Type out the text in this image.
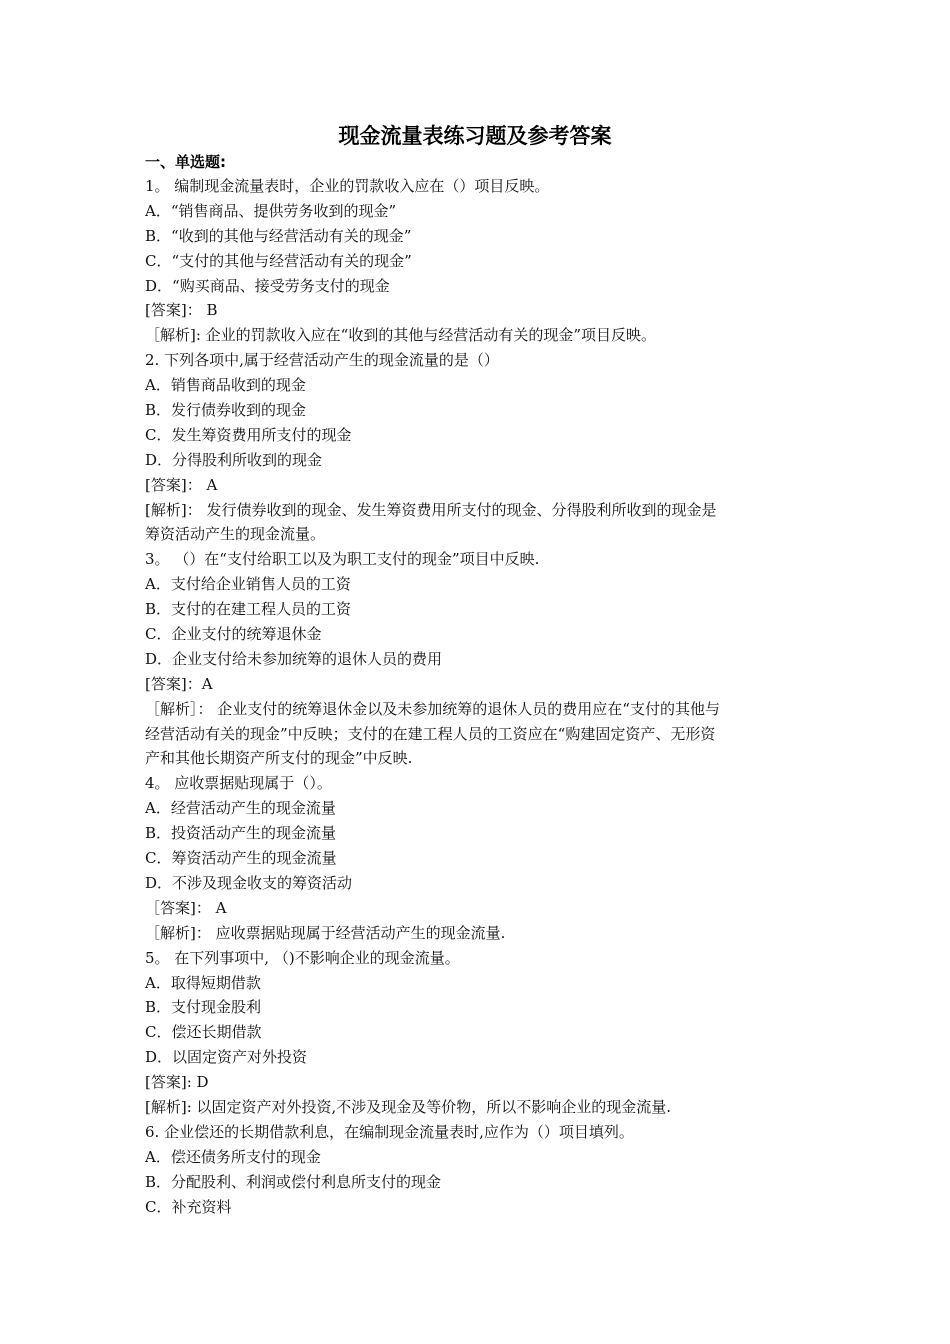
现金流量表练习题及参考答案
一、单选题:
1。 编制现金流量表时，企业的罚款收入应在（）项目反映。
A．“销售商品、提供劳务收到的现金”
B．“收到的其他与经营活动有关的现金”
C．“支付的其他与经营活动有关的现金”
D．“购买商品、接受劳务支付的现金
[答案]： B
［解析]: 企业的罚款收入应在“收到的其他与经营活动有关的现金”项目反映。
2. 下列各项中,属于经营活动产生的现金流量的是（）
A．销售商品收到的现金
B．发行债券收到的现金
C．发生筹资费用所支付的现金
D．分得股利所收到的现金
[答案]： A
[解析]： 发行债券收到的现金、发生筹资费用所支付的现金、分得股利所收到的现金是
筹资活动产生的现金流量。
3。 （）在“支付给职工以及为职工支付的现金”项目中反映.
A．支付给企业销售人员的工资
B．支付的在建工程人员的工资
C．企业支付的统筹退休金
D．企业支付给未参加统筹的退休人员的费用
[答案]：A
［解析］： 企业支付的统筹退休金以及未参加统筹的退休人员的费用应在“支付的其他与
经营活动有关的现金”中反映；支付的在建工程人员的工资应在“购建固定资产、无形资
产和其他长期资产所支付的现金”中反映.
4。 应收票据贴现属于（）。
A．经营活动产生的现金流量
B．投资活动产生的现金流量
C．筹资活动产生的现金流量
D．不涉及现金收支的筹资活动
［答案]： A
［解析]： 应收票据贴现属于经营活动产生的现金流量.
5。 在下列事项中, （)不影响企业的现金流量。
A．取得短期借款
B．支付现金股利
C．偿还长期借款
D．以固定资产对外投资
[答案]: D
[解析]: 以固定资产对外投资,不涉及现金及等价物，所以不影响企业的现金流量.
6. 企业偿还的长期借款利息，在编制现金流量表时,应作为（）项目填列。
A．偿还债务所支付的现金
B．分配股利、利润或偿付利息所支付的现金
C．补充资料
